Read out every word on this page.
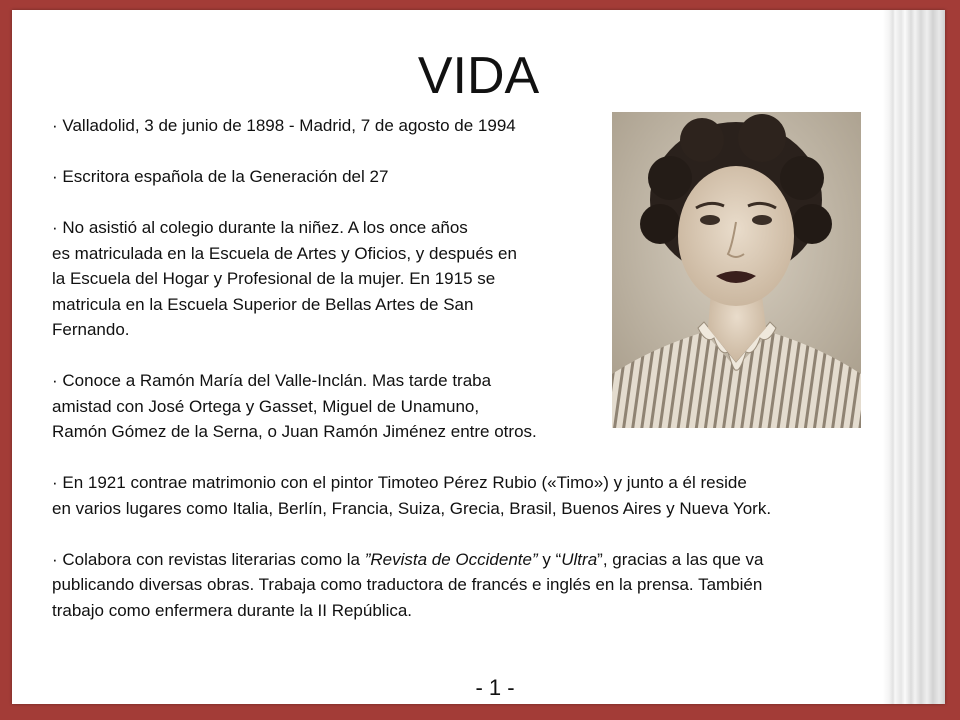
VIDA

· Valladolid, 3 de junio de 1898 - Madrid, 7 de agosto de 1994

· Escritora española de la Generación del 27

· No asistió al colegio durante la niñez. A los once años
es matriculada en la Escuela de Artes y Oficios, y después en
la Escuela del Hogar y Profesional de la mujer. En 1915 se
matricula en la Escuela Superior de Bellas Artes de San
Fernando.
· Conoce a Ramón María del Valle-Inclán. Mas tarde traba
amistad con José Ortega y Gasset, Miguel de Unamuno,
Ramón Gómez de la Serna, o Juan Ramón Jiménez entre otros.
· En 1921 contrae matrimonio con el pintor Timoteo Pérez Rubio («Timo») y junto a él reside
en varios lugares como Italia, Berlín, Francia, Suiza, Grecia, Brasil, Buenos Aires y Nueva York.
· Colabora con revistas literarias como la ”Revista de Occidente” y “Ultra”, gracias a las que va
publicando diversas obras. Trabaja como traductora de francés e inglés en la prensa. También
trabajo como enfermera durante la II República.
- 1 -
